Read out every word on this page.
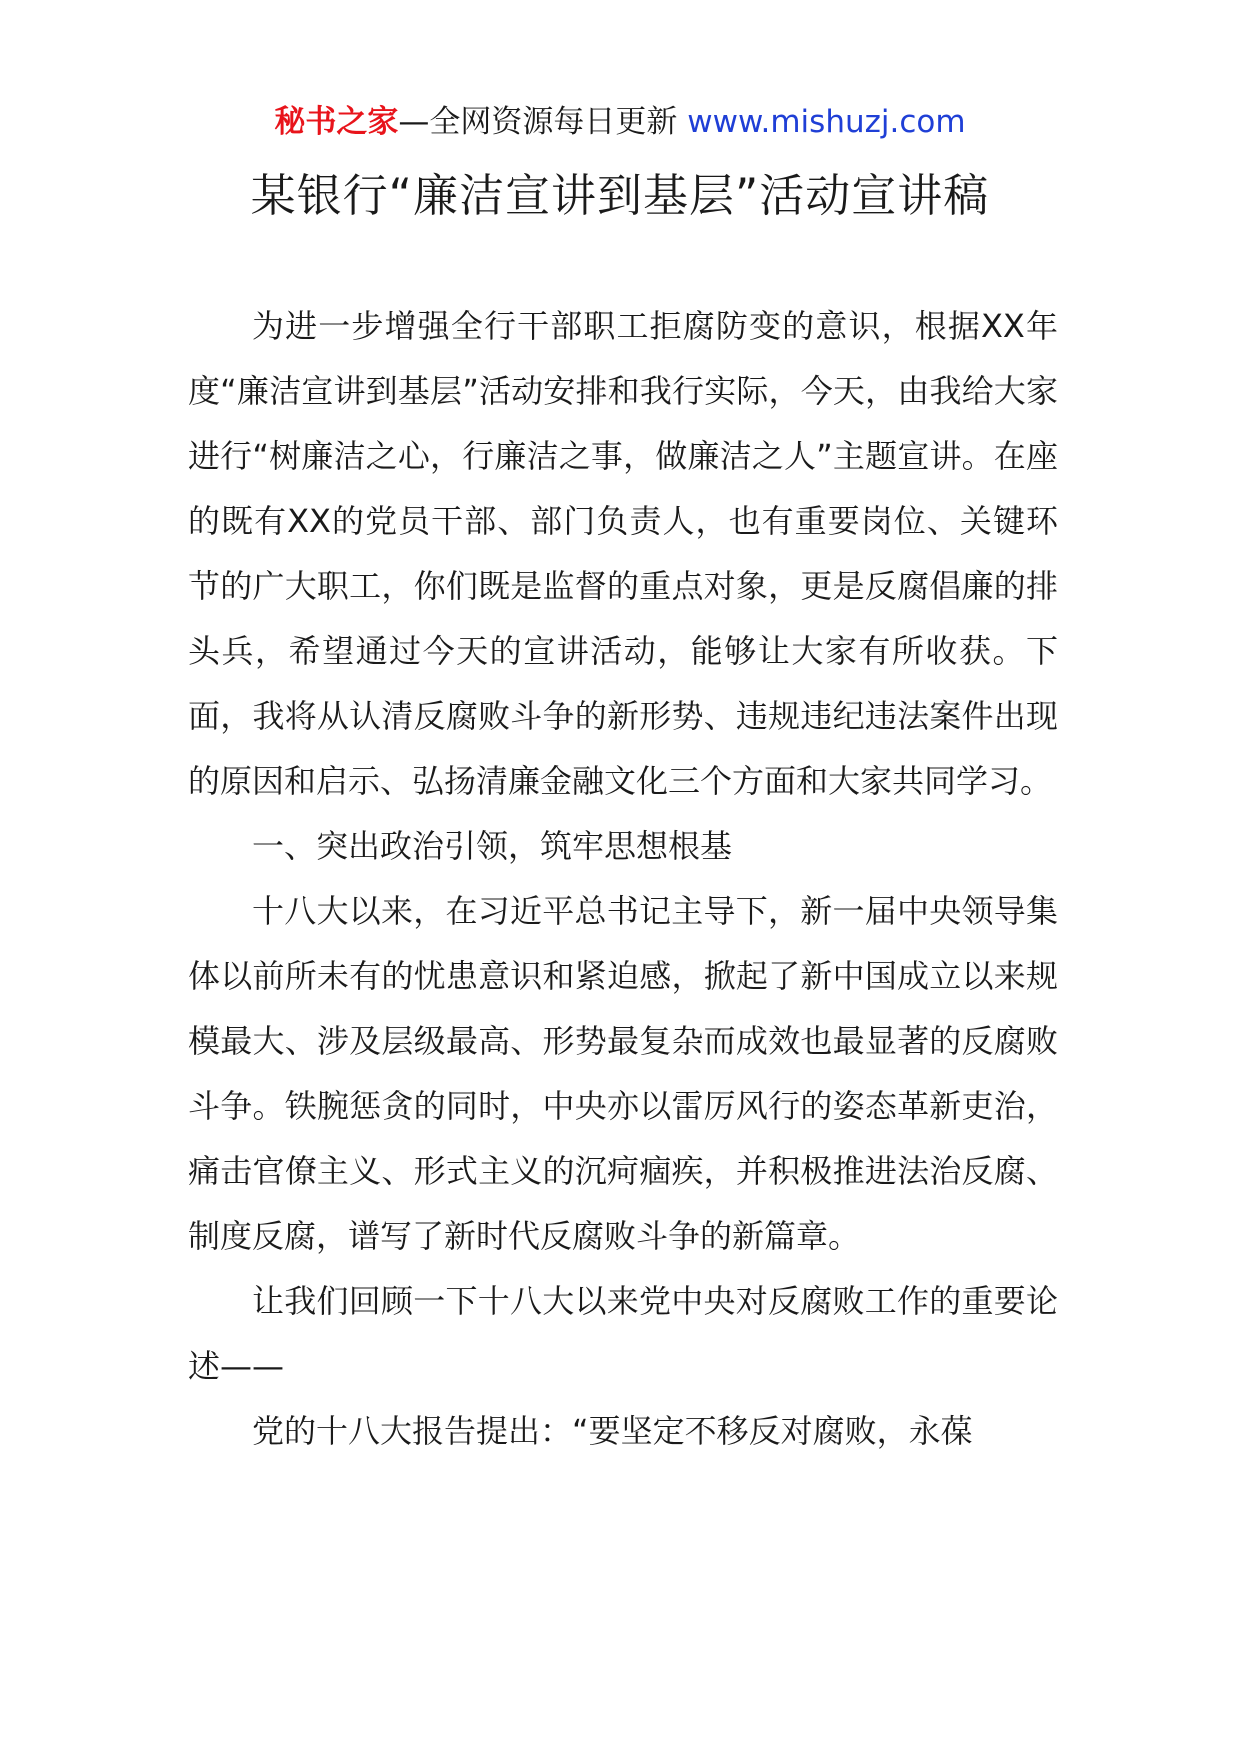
秘书之家—全网资源每日更新 www.mishuzj.com
某银行“廉洁宣讲到基层”活动宣讲稿

为进一步增强全行干部职工拒腐防变的意识，根据XX年度“廉洁宣讲到基层”活动安排和我行实际，今天，由我给大家进行“树廉洁之心，行廉洁之事，做廉洁之人”主题宣讲。在座的既有XX的党员干部、部门负责人，也有重要岗位、关键环节的广大职工，你们既是监督的重点对象，更是反腐倡廉的排头兵，希望通过今天的宣讲活动，能够让大家有所收获。下面，我将从认清反腐败斗争的新形势、违规违纪违法案件出现的原因和启示、弘扬清廉金融文化三个方面和大家共同学习。

一、突出政治引领，筑牢思想根基

十八大以来，在习近平总书记主导下，新一届中央领导集体以前所未有的忧患意识和紧迫感，掀起了新中国成立以来规模最大、涉及层级最高、形势最复杂而成效也最显著的反腐败斗争。铁腕惩贪的同时，中央亦以雷厉风行的姿态革新吏治，痛击官僚主义、形式主义的沉疴痼疾，并积极推进法治反腐、制度反腐，谱写了新时代反腐败斗争的新篇章。

让我们回顾一下十八大以来党中央对反腐败工作的重要论述——

党的十八大报告提出：“要坚定不移反对腐败，永葆
